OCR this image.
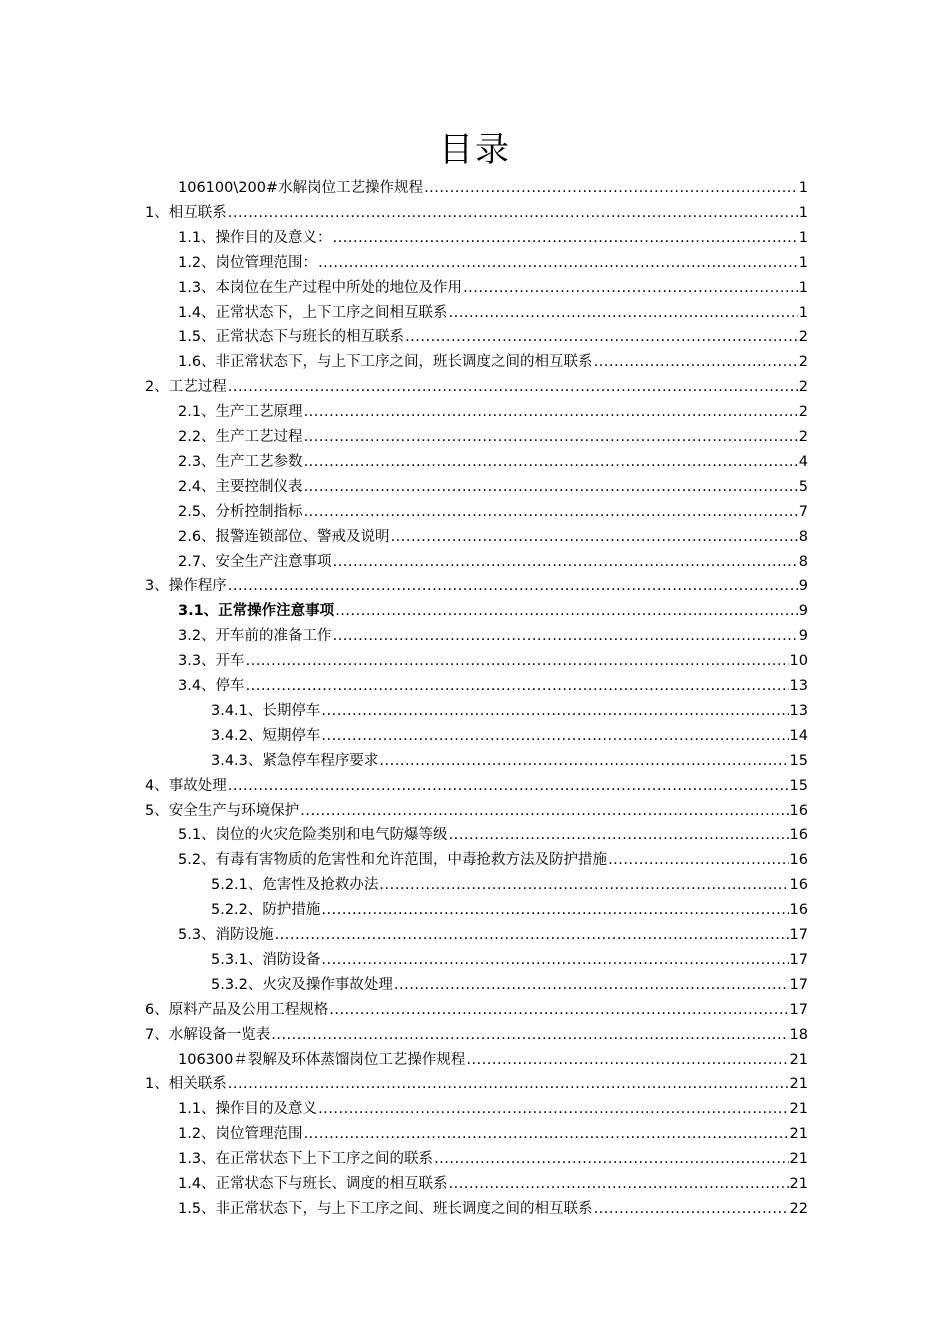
目录
106100\200#水解岗位工艺操作规程 .....	1
1、相互联系 .....	1
1.1、操作目的及意义： .....	1
1.2、岗位管理范围： .....	1
1.3、本岗位在生产过程中所处的地位及作用 .....	1
1.4、正常状态下，上下工序之间相互联系 .....	1
1.5、正常状态下与班长的相互联系 .....	2
1.6、非正常状态下，与上下工序之间，班长调度之间的相互联系 .....	2
2、工艺过程 .....	2
2.1、生产工艺原理 .....	2
2.2、生产工艺过程 .....	2
2.3、生产工艺参数 .....	4
2.4、主要控制仪表 .....	5
2.5、分析控制指标 .....	7
2.6、报警连锁部位、警戒及说明 .....	8
2.7、安全生产注意事项 .....	8
3、操作程序 .....	9
3.1、正常操作注意事项 .....	9
3.2、开车前的准备工作 .....	9
3.3、开车 .....	10
3.4、停车 .....	13
3.4.1、长期停车 .....	13
3.4.2、短期停车 .....	14
3.4.3、紧急停车程序要求 .....	15
4、事故处理 .....	15
5、安全生产与环境保护 .....	16
5.1、岗位的火灾危险类别和电气防爆等级 .....	16
5.2、有毒有害物质的危害性和允许范围，中毒抢救方法及防护措施 .....	16
5.2.1、危害性及抢救办法 .....	16
5.2.2、防护措施 .....	16
5.3、消防设施 .....	17
5.3.1、消防设备 .....	17
5.3.2、火灾及操作事故处理 .....	17
6、原料产品及公用工程规格 .....	17
7、水解设备一览表 .....	18
106300＃裂解及环体蒸馏岗位工艺操作规程 .....	21
1、相关联系 .....	21
1.1、操作目的及意义 .....	21
1.2、岗位管理范围 .....	21
1.3、在正常状态下上下工序之间的联系 .....	21
1.4、正常状态下与班长、调度的相互联系 .....	21
1.5、非正常状态下，与上下工序之间、班长调度之间的相互联系 .....	22
